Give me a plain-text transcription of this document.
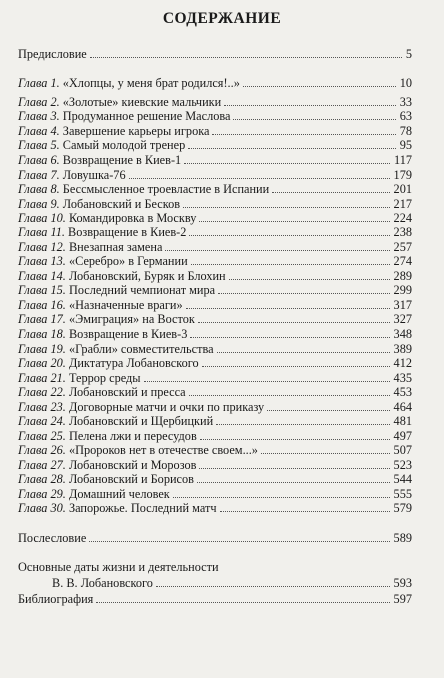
СОДЕРЖАНИЕ
Предисловие	5
Глава 1. «Хлопцы, у меня брат родился!..»	10
Глава 2. «Золотые» киевские мальчики	33
Глава 3. Продуманное решение Маслова	63
Глава 4. Завершение карьеры игрока	78
Глава 5. Самый молодой тренер	95
Глава 6. Возвращение в Киев-1	117
Глава 7. Ловушка-76	179
Глава 8. Бессмысленное троевластие в Испании	201
Глава 9. Лобановский и Бесков	217
Глава 10. Командировка в Москву	224
Глава 11. Возвращение в Киев-2	238
Глава 12. Внезапная замена	257
Глава 13. «Серебро» в Германии	274
Глава 14. Лобановский, Буряк и Блохин	289
Глава 15. Последний чемпионат мира	299
Глава 16. «Назначенные враги»	317
Глава 17. «Эмиграция» на Восток	327
Глава 18. Возвращение в Киев-3	348
Глава 19. «Грабли» совместительства	389
Глава 20. Диктатура Лобановского	412
Глава 21. Террор среды	435
Глава 22. Лобановский и пресса	453
Глава 23. Договорные матчи и очки по приказу	464
Глава 24. Лобановский и Щербицкий	481
Глава 25. Пелена лжи и пересудов	497
Глава 26. «Пророков нет в отечестве своем...»	507
Глава 27. Лобановский и Морозов	523
Глава 28. Лобановский и Борисов	544
Глава 29. Домашний человек	555
Глава 30. Запорожье. Последний матч	579
Послесловие	589
Основные даты жизни и деятельности
В. В. Лобановского	593
Библиография	597
